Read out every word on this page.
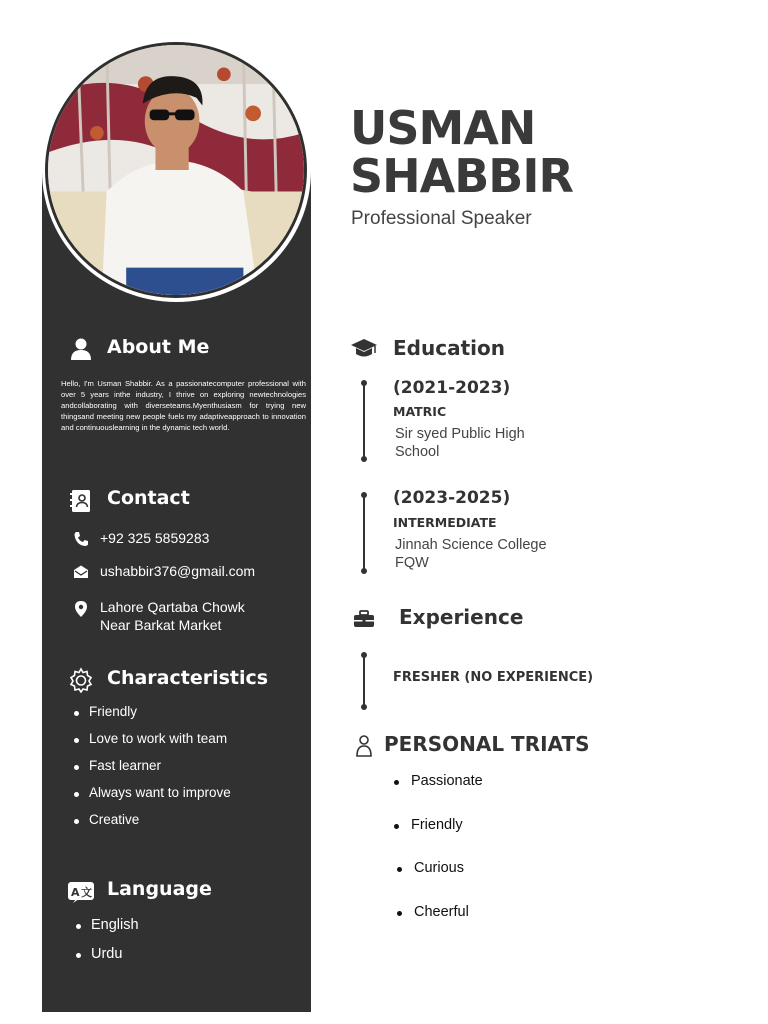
USMAN
SHABBIR
Professional Speaker
About Me
Hello, I'm Usman Shabbir. As a passionatecomputer professional with over 5 years inthe industry, I thrive on exploring newtechnologies andcollaborating with diverseteams.Myenthusiasm for trying new thingsand meeting new people fuels my adaptiveapproach to innovation and continuouslearning in the dynamic tech world.
Contact
+92 325 5859283
ushabbir376@gmail.com
Lahore Qartaba Chowk
Near Barkat Market
Characteristics
Friendly
Love to work with team
Fast learner
Always want to improve
Creative
A 文 Language
English
Urdu
Education
(2021-2023)
MATRIC
Sir syed Public High
School
(2023-2025)
INTERMEDIATE
Jinnah Science College
FQW
Experience
FRESHER (NO EXPERIENCE)
PERSONAL TRIATS
Passionate
Friendly
Curious
Cheerful
